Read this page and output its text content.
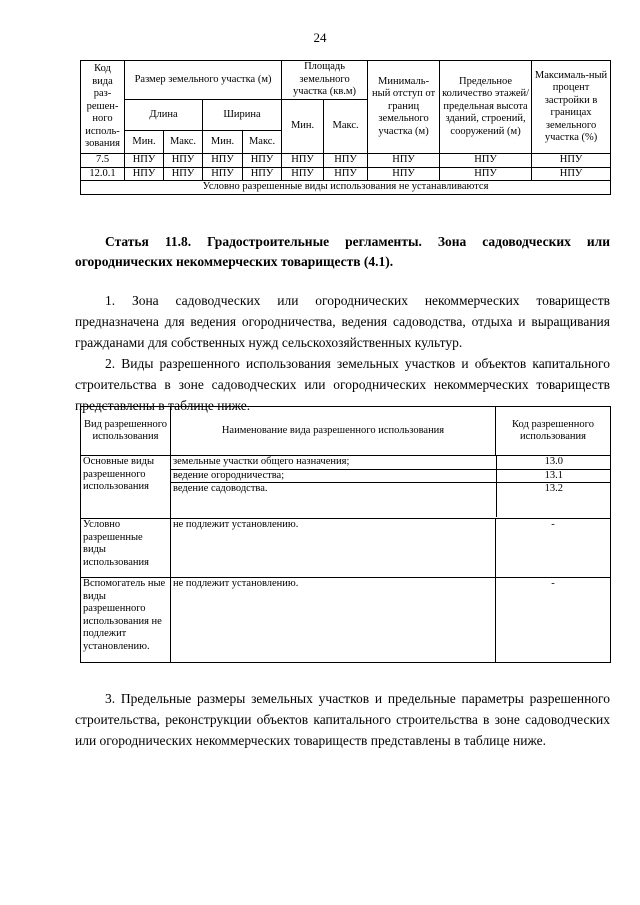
24
Код вида раз-решен-ного исполь-зования	Размер земельного участка (м)				Площадь земельного участка (кв.м)		Минималь-ный отступ от границ земельного участка (м)	Предельное количество этажей/ предельная высота зданий, строений, сооружений (м)	Максималь-ный процент застройки в границах земельного участка (%)
	Длина		Ширина		Мин.	Макс.			
	Мин.	Макс.	Мин.	Макс.					
7.5	НПУ	НПУ	НПУ	НПУ	НПУ	НПУ	НПУ	НПУ	НПУ
12.0.1	НПУ	НПУ	НПУ	НПУ	НПУ	НПУ	НПУ	НПУ	НПУ
Условно разрешенные виды использования не устанавливаются									

Статья 11.8. Градостроительные регламенты. Зона садоводческих или огороднических некоммерческих товариществ (4.1).

1. Зона садоводческих или огороднических некоммерческих товариществ предназначена для ведения огородничества, ведения садоводства, отдыха и выращивания гражданами для собственных нужд сельскохозяйственных культур.

2. Виды разрешенного использования земельных участков и объектов капитального строительства в зоне садоводческих или огороднических некоммерческих товариществ представлены в таблице ниже.

Вид разрешенного использования	Наименование вида разрешенного использования	Код разрешенного использования
Основные виды разрешенного использования	
земельные участки общего назначения;	13.0
ведение огородничества;	13.1
ведение садоводства.	13.2

Условно разрешенные виды использования	не подлежит установлению.	-
Вспомогатель ные виды разрешенного использования не подлежит установлению.	не подлежит установлению.	-

3. Предельные размеры земельных участков и предельные параметры разрешенного строительства, реконструкции объектов капитального строительства в зоне садоводческих или огороднических некоммерческих товариществ представлены в таблице ниже.
